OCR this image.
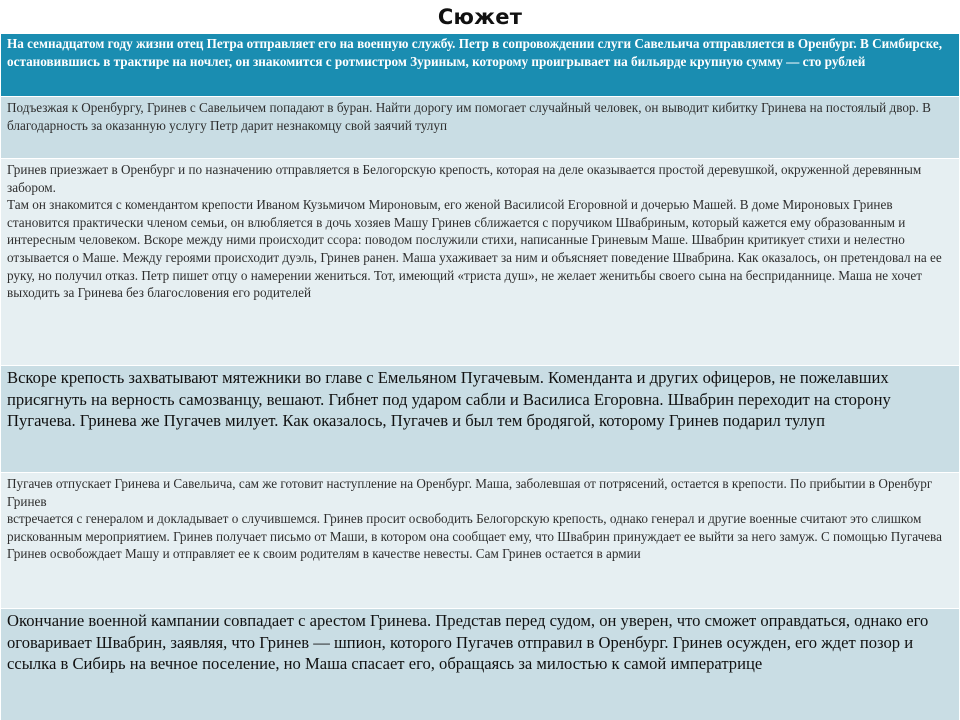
Сюжет
На семнадцатом году жизни отец Петра отправляет его на военную службу. Петр в сопровождении слуги Савельича отправляется в Оренбург. В Симбирске, остановившись в трактире на ночлег, он знакомится с ротмистром Зуриным, которому проигрывает на бильярде крупную сумму — сто рублей
Подъезжая к Оренбургу, Гринев с Савельичем попадают в буран. Найти дорогу им помогает случайный человек, он выводит кибитку Гринева на постоялый двор. В благодарность за оказанную услугу Петр дарит незнакомцу свой заячий тулуп
Гринев приезжает в Оренбург и по назначению отправляется в Белогорскую крепость, которая на деле оказывается простой деревушкой, окруженной деревянным забором.
Там он знакомится с комендантом крепости Иваном Кузьмичом Мироновым, его женой Василисой Егоровной и дочерью Машей. В доме Мироновых Гринев становится практически членом семьи, он влюбляется в дочь хозяев Машу Гринев сближается с поручиком Швабриным, который кажется ему образованным и интересным человеком. Вскоре между ними происходит ссора: поводом послужили стихи, написанные Гриневым Маше. Швабрин критикует стихи и нелестно отзывается о Маше. Между героями происходит дуэль, Гринев ранен. Маша ухаживает за ним и объясняет поведение Швабрина. Как оказалось, он претендовал на ее руку, но получил отказ. Петр пишет отцу о намерении жениться. Тот, имеющий «триста душ», не желает женитьбы своего сына на бесприданнице. Маша не хочет выходить за Гринева без благословения его родителей
Вскоре крепость захватывают мятежники во главе с Емельяном Пугачевым. Коменданта и других офицеров, не пожелавших присягнуть на верность самозванцу, вешают. Гибнет под ударом сабли и Василиса Егоровна. Швабрин переходит на сторону Пугачева. Гринева же Пугачев милует. Как оказалось, Пугачев и был тем бродягой, которому Гринев подарил тулуп
Пугачев отпускает Гринева и Савельича, сам же готовит наступление на Оренбург. Маша, заболевшая от потрясений, остается в крепости. По прибытии в Оренбург Гринев
встречается с генералом и докладывает о случившемся. Гринев просит освободить Белогорскую крепость, однако генерал и другие военные считают это слишком рискованным мероприятием. Гринев получает письмо от Маши, в котором она сообщает ему, что Швабрин принуждает ее выйти за него замуж. С помощью Пугачева Гринев освобождает Машу и отправляет ее к своим родителям в качестве невесты. Сам Гринев остается в армии
Окончание военной кампании совпадает с арестом Гринева. Представ перед судом, он уверен, что сможет оправдаться, однако его оговаривает Швабрин, заявляя, что Гринев — шпион, которого Пугачев отправил в Оренбург. Гринев осужден, его ждет позор и ссылка в Сибирь на вечное поселение, но Маша спасает его, обращаясь за милостью к самой императрице
